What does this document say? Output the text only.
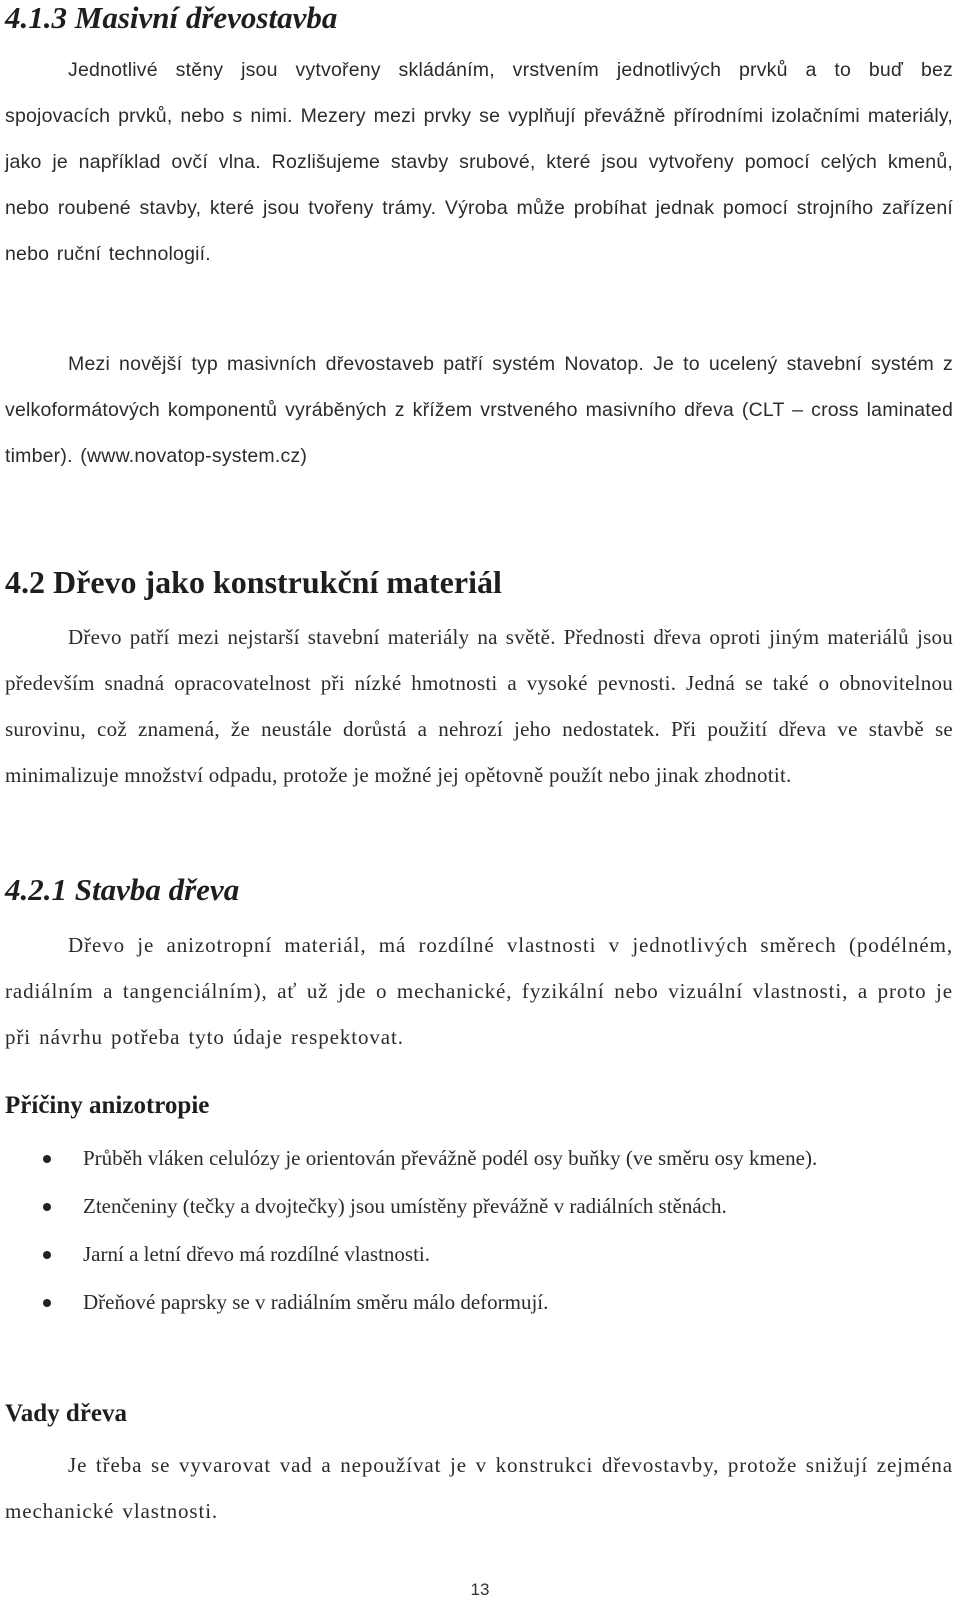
4.1.3 Masivní dřevostavba

Jednotlivé stěny jsou vytvořeny skládáním, vrstvením jednotlivých prvků a to buď bez spojovacích prvků, nebo s nimi. Mezery mezi prvky se vyplňují převážně přírodními izolačními materiály, jako je například ovčí vlna. Rozlišujeme stavby srubové, které jsou vytvořeny pomocí celých kmenů, nebo roubené stavby, které jsou tvořeny trámy. Výroba může probíhat jednak pomocí strojního zařízení nebo ruční technologií.

Mezi novější typ masivních dřevostaveb patří systém Novatop. Je to ucelený stavební systém z velkoformátových komponentů vyráběných z křížem vrstveného masivního dřeva (CLT – cross laminated timber). (www.novatop-system.cz)

4.2 Dřevo jako konstrukční materiál

Dřevo patří mezi nejstarší stavební materiály na světě. Přednosti dřeva oproti jiným materiálů jsou především snadná opracovatelnost při nízké hmotnosti a vysoké pevnosti. Jedná se také o obnovitelnou surovinu, což znamená, že neustále dorůstá a nehrozí jeho nedostatek. Při použití dřeva ve stavbě se minimalizuje množství odpadu, protože je možné jej opětovně použít nebo jinak zhodnotit.

4.2.1 Stavba dřeva

Dřevo je anizotropní materiál, má rozdílné vlastnosti v jednotlivých směrech (podélném, radiálním a tangenciálním), ať už jde o mechanické, fyzikální nebo vizuální vlastnosti, a proto je při návrhu potřeba tyto údaje respektovat.

Příčiny anizotropie
Průběh vláken celulózy je orientován převážně podél osy buňky (ve směru osy kmene).
Ztenčeniny (tečky a dvojtečky) jsou umístěny převážně v radiálních stěnách.
Jarní a letní dřevo má rozdílné vlastnosti.
Dřeňové paprsky se v radiálním směru málo deformují.
Vady dřeva

Je třeba se vyvarovat vad a nepoužívat je v konstrukci dřevostavby, protože snižují zejména mechanické vlastnosti.

13
